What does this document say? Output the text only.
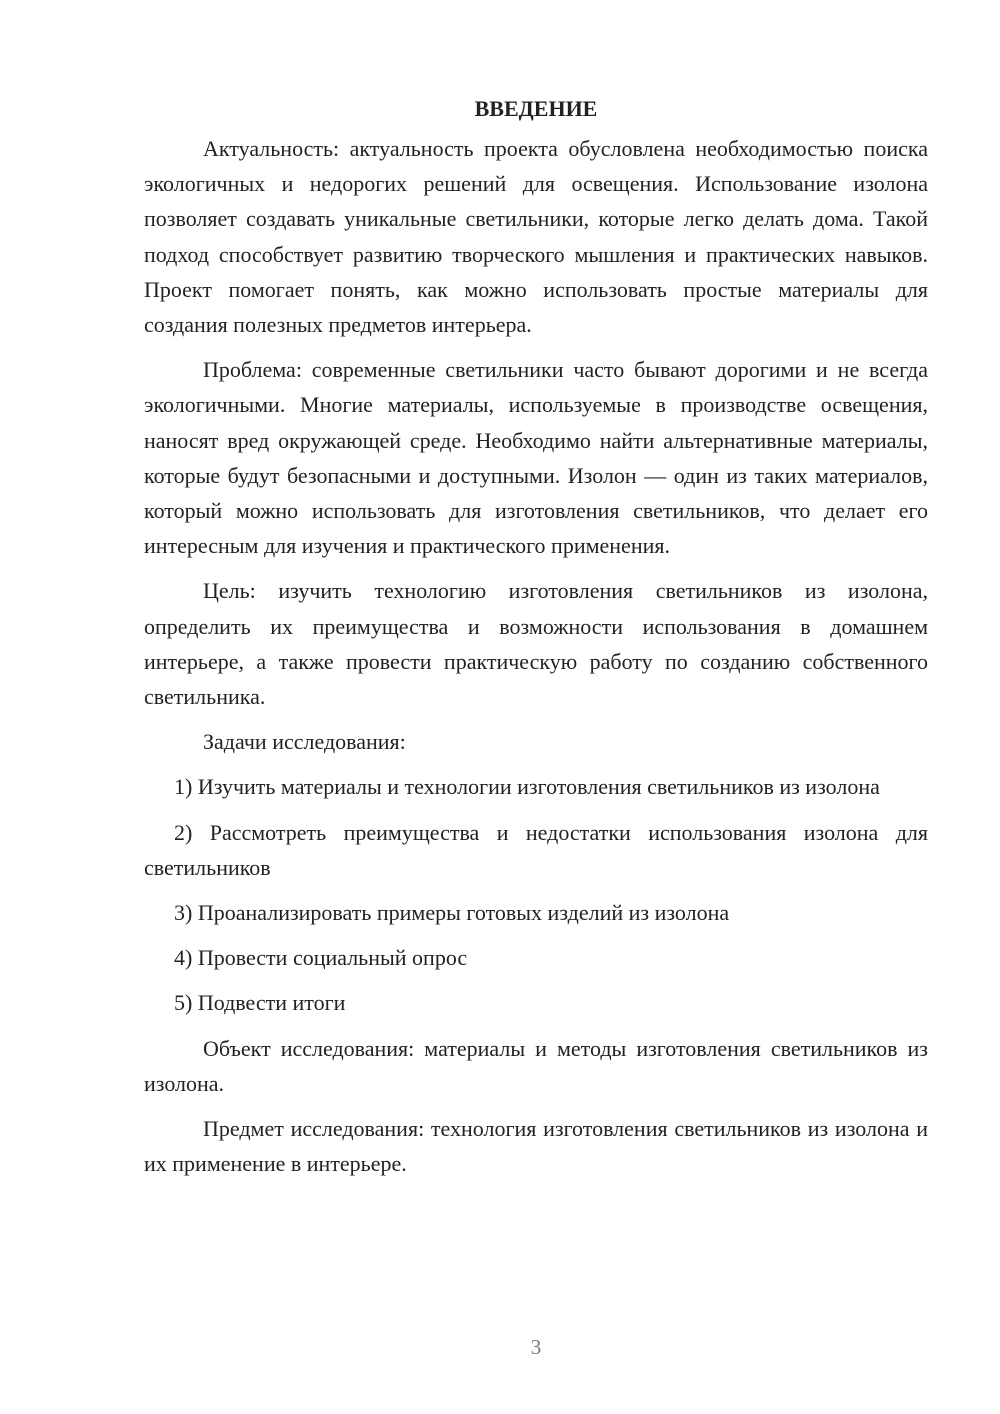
ВВЕДЕНИЕ

Актуальность: актуальность проекта обусловлена необходимостью поиска экологичных и недорогих решений для освещения. Использование изолона позволяет создавать уникальные светильники, которые легко делать дома. Такой подход способствует развитию творческого мышления и практических навыков. Проект помогает понять, как можно использовать простые материалы для создания полезных предметов интерьера.

Проблема: современные светильники часто бывают дорогими и не всегда экологичными. Многие материалы, используемые в производстве освещения, наносят вред окружающей среде. Необходимо найти альтернативные материалы, которые будут безопасными и доступными. Изолон — один из таких материалов, который можно использовать для изготовления светильников, что делает его интересным для изучения и практического применения.

Цель: изучить технологию изготовления светильников из изолона, определить их преимущества и возможности использования в домашнем интерьере, а также провести практическую работу по созданию собственного светильника.

Задачи исследования:

1) Изучить материалы и технологии изготовления светильников из изолона

2) Рассмотреть преимущества и недостатки использования изолона для светильников

3) Проанализировать примеры готовых изделий из изолона

4) Провести социальный опрос

5) Подвести итоги

Объект исследования: материалы и методы изготовления светильников из изолона.

Предмет исследования: технология изготовления светильников из изолона и их применение в интерьере.

3
